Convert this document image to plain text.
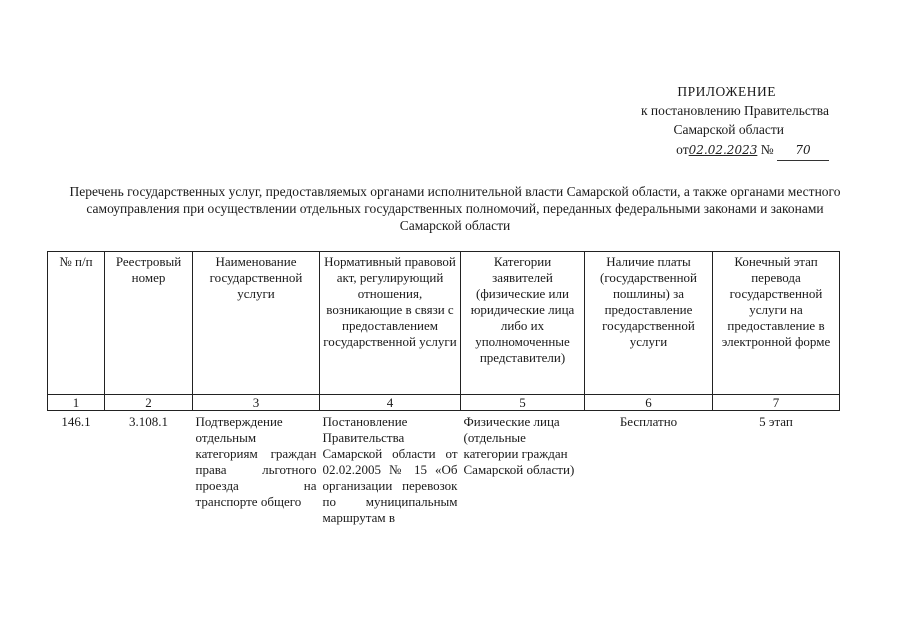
ПРИЛОЖЕНИЕ
к постановлению Правительства
Самарской области
от02.02.2023 № 70
Перечень государственных услуг, предоставляемых органами исполнительной власти Самарской области, а также органами местного самоуправления при осуществлении отдельных государственных полномочий, переданных федеральными законами и законами Самарской области
№ п/п	Реестровый номер	Наименование государственной услуги	Нормативный правовой акт, регулирующий отношения, возникающие в связи с предоставлением государственной услуги	Категории заявителей (физические или юридические лица либо их уполномоченные представители)	Наличие платы (государственной пошлины) за предоставление государственной услуги	Конечный этап перевода государственной услуги на предоставление в электронной форме
1	2	3	4	5	6	7
146.1	3.108.1	Подтверждение отдельным категориям граждан права льготного проезда на транспорте общего	Постановление Правительства Самарской области от 02.02.2005 № 15 «Об организации перевозок по муниципальным маршрутам в	Физические лица (отдельные категории граждан Самарской области)	Бесплатно	5 этап
